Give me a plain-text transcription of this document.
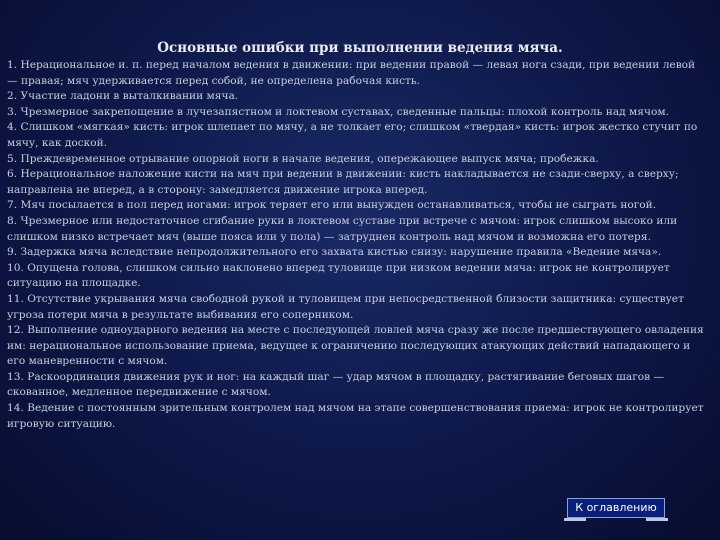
Основные ошибки при выполнении ведения мяча.
1. Нерациональное и. п. перед началом ведения в движении: при ведении правой — левая нога сзади, при ведении левой — правая; мяч удерживается перед собой, не определена рабочая кисть.
2. Участие ладони в выталкивании мяча.
3. Чрезмерное закрепощение в лучезапястном и локтевом суставах, сведенные пальцы: плохой контроль над мячом.
4. Слишком «мягкая» кисть: игрок шлепает по мячу, а не толкает его; слишком «твердая» кисть: игрок жестко стучит по мячу, как доской.
5. Преждевременное отрывание опорной ноги в начале ведения, опережающее выпуск мяча; пробежка.
6. Нерациональное наложение кисти на мяч при ведении в движении: кисть накладывается не сзади-сверху, а сверху; направлена не вперед, а в сторону: замедляется движение игрока вперед.
7. Мяч посылается в пол перед ногами: игрок теряет его или вынужден останавливаться, чтобы не сыграть ногой.
8. Чрезмерное или недостаточное сгибание руки в локтевом суставе при встрече с мячом: игрок слишком высоко или слишком низко встречает мяч (выше пояса или у пола) — затруднен контроль над мячом и возможна его потеря.
9. Задержка мяча вследствие непродолжительного его захвата кистью снизу: нарушение правила «Ведение мяча».
10. Опущена голова, слишком сильно наклонено вперед туловище при низком ведении мяча: игрок не контролирует ситуацию на площадке.
11. Отсутствие укрывания мяча свободной рукой и туловищем при непосредственной близости защитника: существует угроза потери мяча в результате выбивания его соперником.
12. Выполнение одноударного ведения на месте с последующей ловлей мяча сразу же после предшествующего овладения им: нерациональное использование приема, ведущее к ограничению последующих атакующих действий нападающего и его маневренности с мячом.
13. Раскоординация движения рук и ног: на каждый шаг — удар мячом в площадку, растягивание беговых шагов — скованное, медленное передвижение с мячом.
14. Ведение с постоянным зрительным контролем над мячом на этапе совершенствования приема: игрок не контролирует игровую ситуацию.
К оглавлению
